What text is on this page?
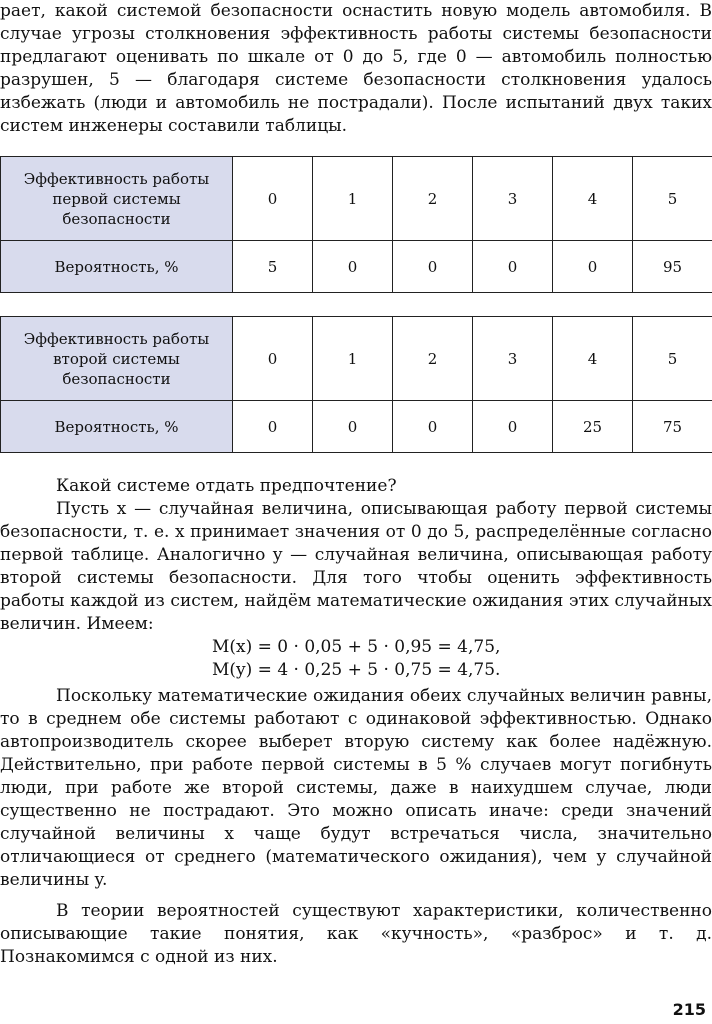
рает, какой системой безопасности оснастить новую модель автомобиля. В случае угрозы столкновения эффективность работы системы безопасности предлагают оценивать по шкале от 0 до 5, где 0 — автомобиль полностью разрушен, 5 — благодаря системе безопасности столкновения удалось избежать (люди и автомобиль не пострадали). После испытаний двух таких систем инженеры составили таблицы.

Эффективность работы первой системы безопасности	0	1	2	3	4	5
Вероятность, %	5	0	0	0	0	95
Эффективность работы второй системы безопасности	0	1	2	3	4	5
Вероятность, %	0	0	0	0	25	75

Какой системе отдать предпочтение?

Пусть x — случайная величина, описывающая работу первой системы безопасности, т. е. x принимает значения от 0 до 5, распределённые согласно первой таблице. Аналогично y — случайная величина, описывающая работу второй системы безопасности. Для того чтобы оценить эффективность работы каждой из систем, найдём математические ожидания этих случайных величин. Имеем:

M(x) = 0 · 0,05 + 5 · 0,95 = 4,75,

M(y) = 4 · 0,25 + 5 · 0,75 = 4,75.

Поскольку математические ожидания обеих случайных величин равны, то в среднем обе системы работают с одинаковой эффективностью. Однако автопроизводитель скорее выберет вторую систему как более надёжную. Действительно, при работе первой системы в 5 % случаев могут погибнуть люди, при работе же второй системы, даже в наихудшем случае, люди существенно не пострадают. Это можно описать иначе: среди значений случайной величины x чаще будут встречаться числа, значительно отличающиеся от среднего (математического ожидания), чем у случайной величины y.

В теории вероятностей существуют характеристики, количественно описывающие такие понятия, как «кучность», «разброс» и т. д. Познакомимся с одной из них.

215
